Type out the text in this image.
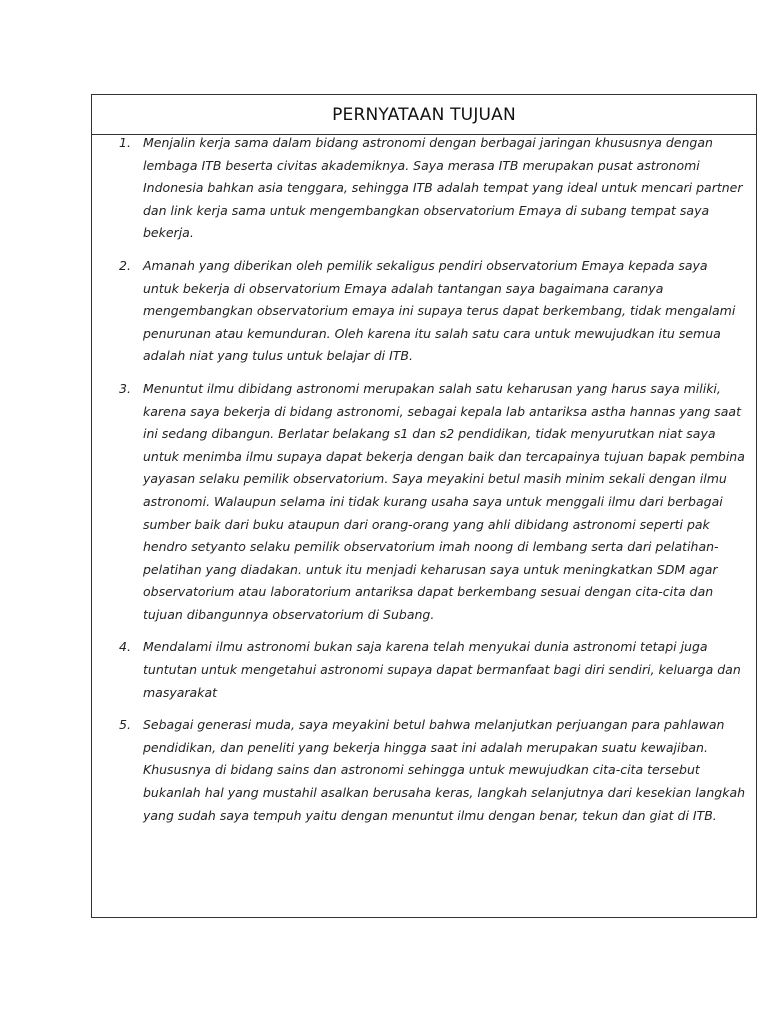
PERNYATAAN TUJUAN
1. Menjalin kerja sama dalam bidang astronomi dengan berbagai jaringan khususnya dengan lembaga ITB beserta civitas akademiknya. Saya merasa ITB merupakan pusat astronomi Indonesia bahkan asia tenggara, sehingga ITB adalah tempat yang ideal untuk mencari partner dan link kerja sama untuk mengembangkan observatorium Emaya di subang tempat saya bekerja.
2. Amanah yang diberikan oleh pemilik sekaligus pendiri observatorium Emaya kepada saya untuk bekerja di observatorium Emaya adalah tantangan saya bagaimana caranya mengembangkan observatorium emaya ini supaya terus dapat berkembang, tidak mengalami penurunan atau kemunduran. Oleh karena itu salah satu cara untuk mewujudkan itu semua adalah niat yang tulus untuk belajar di ITB.
3. Menuntut ilmu dibidang astronomi merupakan salah satu keharusan yang harus saya miliki, karena saya bekerja di bidang astronomi, sebagai kepala lab antariksa astha hannas yang saat ini sedang dibangun. Berlatar belakang s1 dan s2 pendidikan, tidak menyurutkan niat saya untuk menimba ilmu supaya dapat bekerja dengan baik dan tercapainya tujuan bapak pembina yayasan selaku pemilik observatorium. Saya meyakini betul masih minim sekali dengan ilmu astronomi. Walaupun selama ini tidak kurang usaha saya untuk menggali ilmu dari berbagai sumber baik dari buku ataupun dari orang-orang yang ahli dibidang astronomi seperti pak hendro setyanto selaku pemilik observatorium imah noong di lembang serta dari pelatihan-pelatihan yang diadakan. untuk itu menjadi keharusan saya untuk meningkatkan SDM agar observatorium atau laboratorium antariksa dapat berkembang sesuai dengan cita-cita dan tujuan dibangunnya observatorium di Subang.
4. Mendalami ilmu astronomi bukan saja karena telah menyukai dunia astronomi tetapi juga tuntutan untuk mengetahui astronomi supaya dapat bermanfaat bagi diri sendiri, keluarga dan masyarakat
5. Sebagai generasi muda, saya meyakini betul bahwa melanjutkan perjuangan para pahlawan pendidikan, dan peneliti yang bekerja hingga saat ini adalah merupakan suatu kewajiban. Khususnya di bidang sains dan astronomi sehingga untuk mewujudkan cita-cita tersebut bukanlah hal yang mustahil asalkan berusaha keras, langkah selanjutnya dari kesekian langkah yang sudah saya tempuh yaitu dengan menuntut ilmu dengan benar, tekun dan giat di ITB.
